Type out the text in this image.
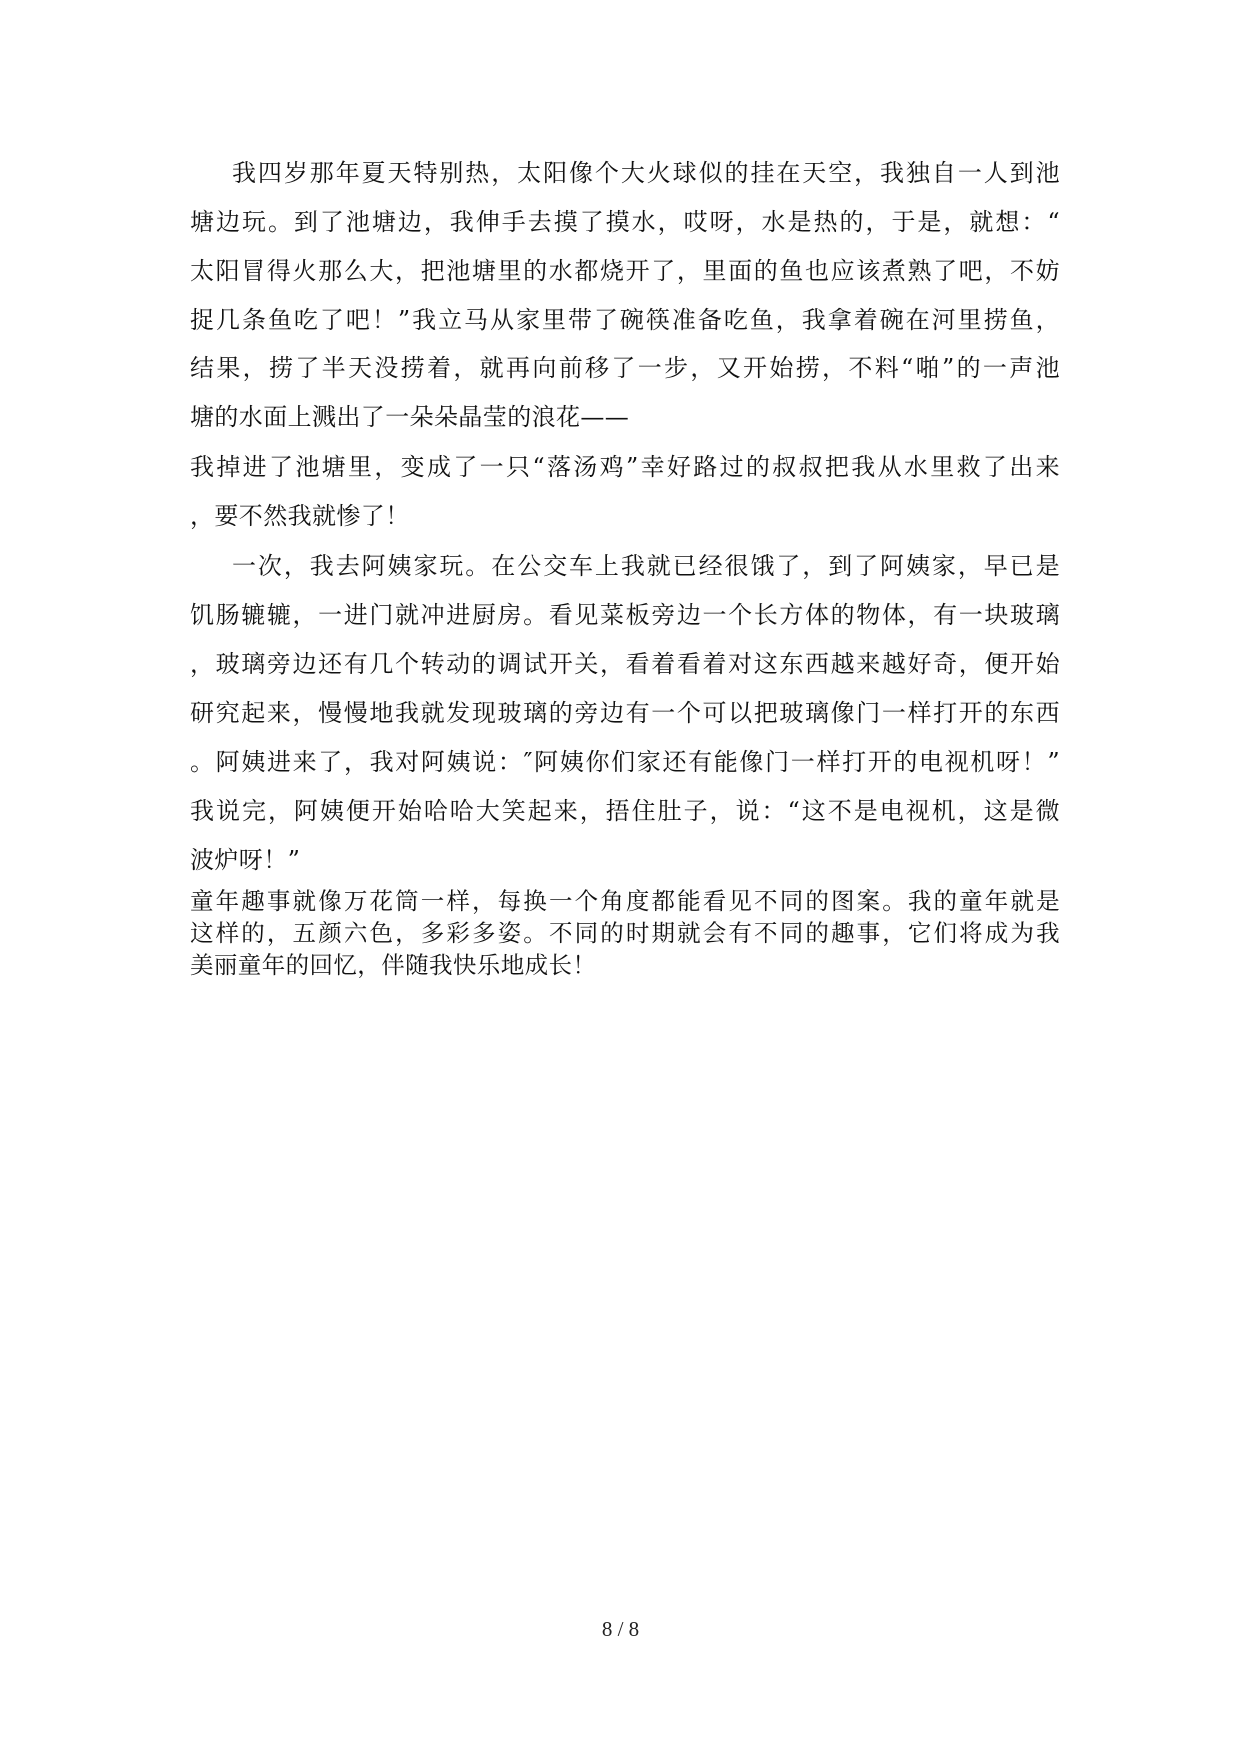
我四岁那年夏天特别热，太阳像个大火球似的挂在天空，我独自一人到池
塘边玩。到了池塘边，我伸手去摸了摸水，哎呀，水是热的，于是，就想：“
太阳冒得火那么大，把池塘里的水都烧开了，里面的鱼也应该煮熟了吧，不妨
捉几条鱼吃了吧！”我立马从家里带了碗筷准备吃鱼，我拿着碗在河里捞鱼，
结果，捞了半天没捞着，就再向前移了一步，又开始捞，不料“啪”的一声池
塘的水面上溅出了一朵朵晶莹的浪花——
我掉进了池塘里，变成了一只“落汤鸡”幸好路过的叔叔把我从水里救了出来
，要不然我就惨了！
一次，我去阿姨家玩。在公交车上我就已经很饿了，到了阿姨家，早已是
饥肠辘辘，一进门就冲进厨房。看见菜板旁边一个长方体的物体，有一块玻璃
，玻璃旁边还有几个转动的调试开关，看着看着对这东西越来越好奇，便开始
研究起来，慢慢地我就发现玻璃的旁边有一个可以把玻璃像门一样打开的东西
。阿姨进来了，我对阿姨说：″阿姨你们家还有能像门一样打开的电视机呀！”
我说完，阿姨便开始哈哈大笑起来，捂住肚子，说：“这不是电视机，这是微
波炉呀！”
童年趣事就像万花筒一样，每换一个角度都能看见不同的图案。我的童年就是
这样的，五颜六色，多彩多姿。不同的时期就会有不同的趣事，它们将成为我
美丽童年的回忆，伴随我快乐地成长！
8 / 8
